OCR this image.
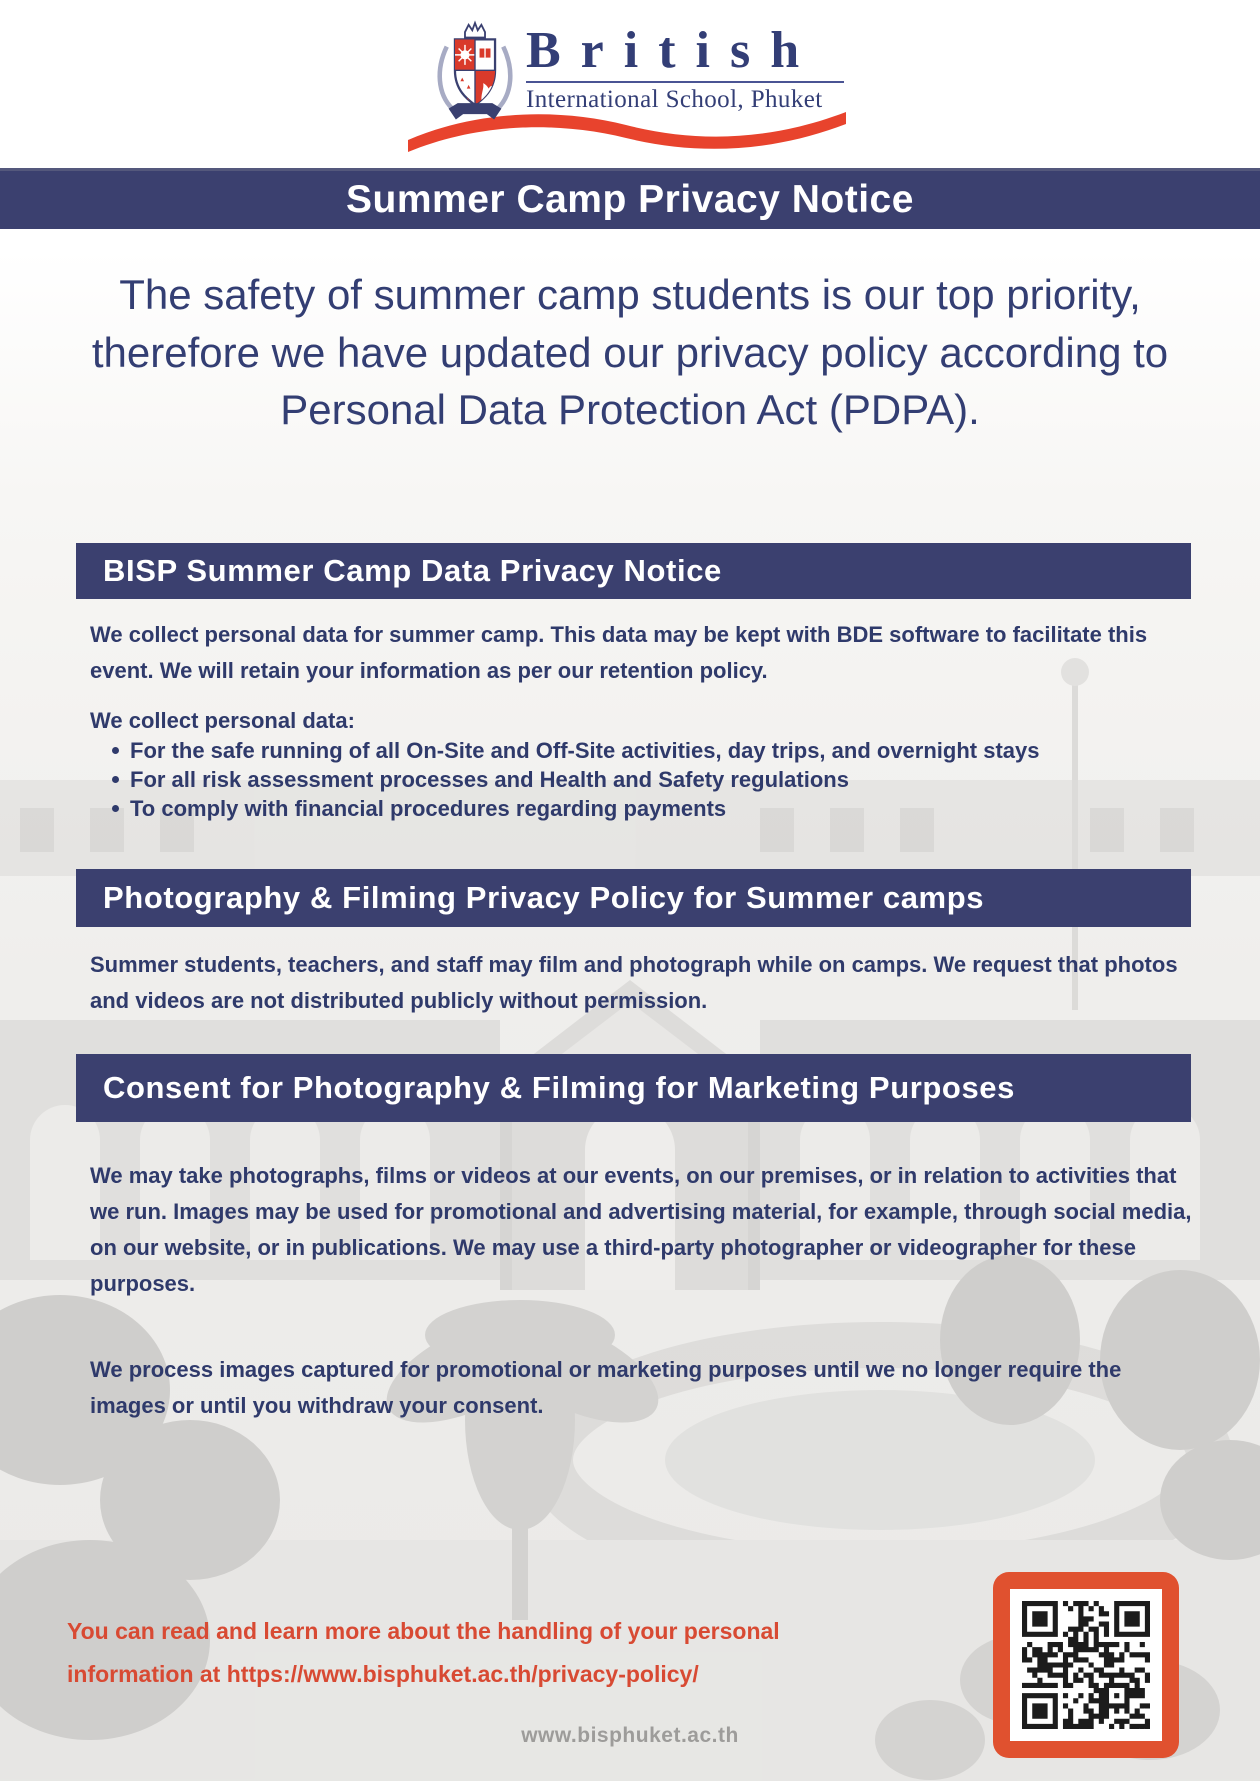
British
International School, Phuket
Summer Camp Privacy Notice

The safety of summer camp students is our top priority, therefore we have updated our privacy policy according to Personal Data Protection Act (PDPA).

BISP Summer Camp Data Privacy Notice

We collect personal data for summer camp. This data may be kept with BDE software to facilitate this event. We will retain your information as per our retention policy.

We collect personal data:

For the safe running of all On-Site and Off-Site activities, day trips, and overnight stays
For all risk assessment processes and Health and Safety regulations
To comply with financial procedures regarding payments
Photography & Filming Privacy Policy for Summer camps

Summer students, teachers, and staff may film and photograph while on camps. We request that photos and videos are not distributed publicly without permission.

Consent for Photography & Filming for Marketing Purposes

We may take photographs, films or videos at our events, on our premises, or in relation to activities that we run. Images may be used for promotional and advertising material, for example, through social media, on our website, or in publications. We may use a third-party photographer or videographer for these purposes.

We process images captured for promotional or marketing purposes until we no longer require the images or until you withdraw your consent.

You can read and learn more about the handling of your personal
information at https://www.bisphuket.ac.th/privacy-policy/
www.bisphuket.ac.th
